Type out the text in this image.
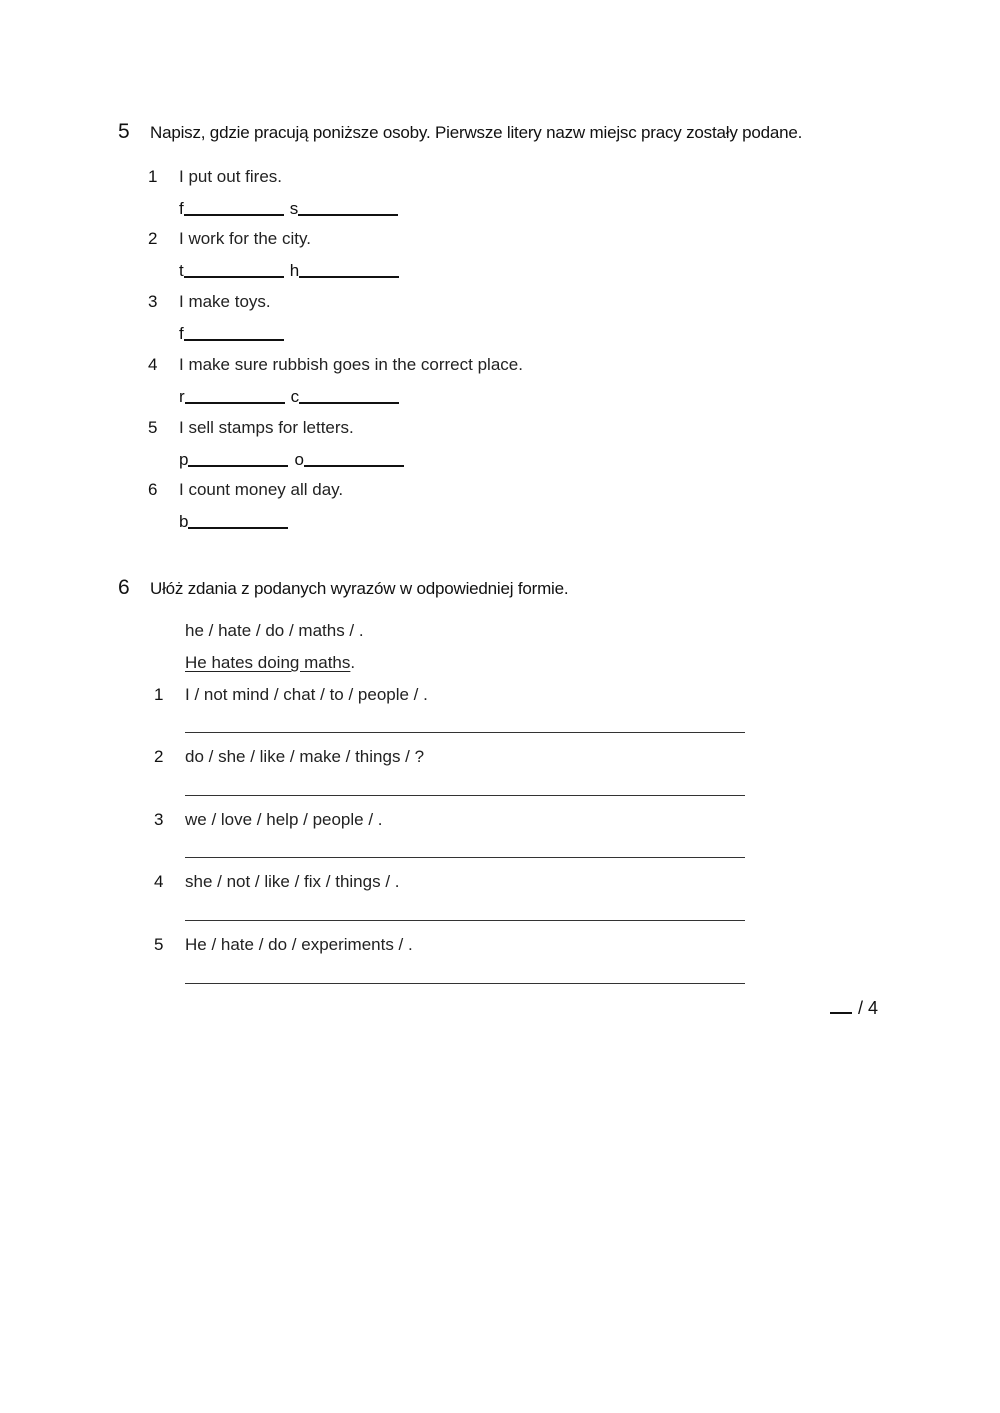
5	Napisz, gdzie pracują poniższe osoby. Pierwsze litery nazw miejsc pracy zostały podane.
1	I put out fires.
f	s
2	I work for the city.
t	h
3	I make toys.
f
4	I make sure rubbish goes in the correct place.
r	c
5	I sell stamps for letters.
p	o
6	I count money all day.
b
6	Ułóż zdania z podanych wyrazów w odpowiedniej formie.
he / hate / do / maths / .
He hates doing maths.
1	I / not mind / chat / to / people / .
2	do / she / like / make / things / ?
3	we / love / help / people / .
4	she / not / like / fix / things / .
5	He / hate / do / experiments / .
/ 4
